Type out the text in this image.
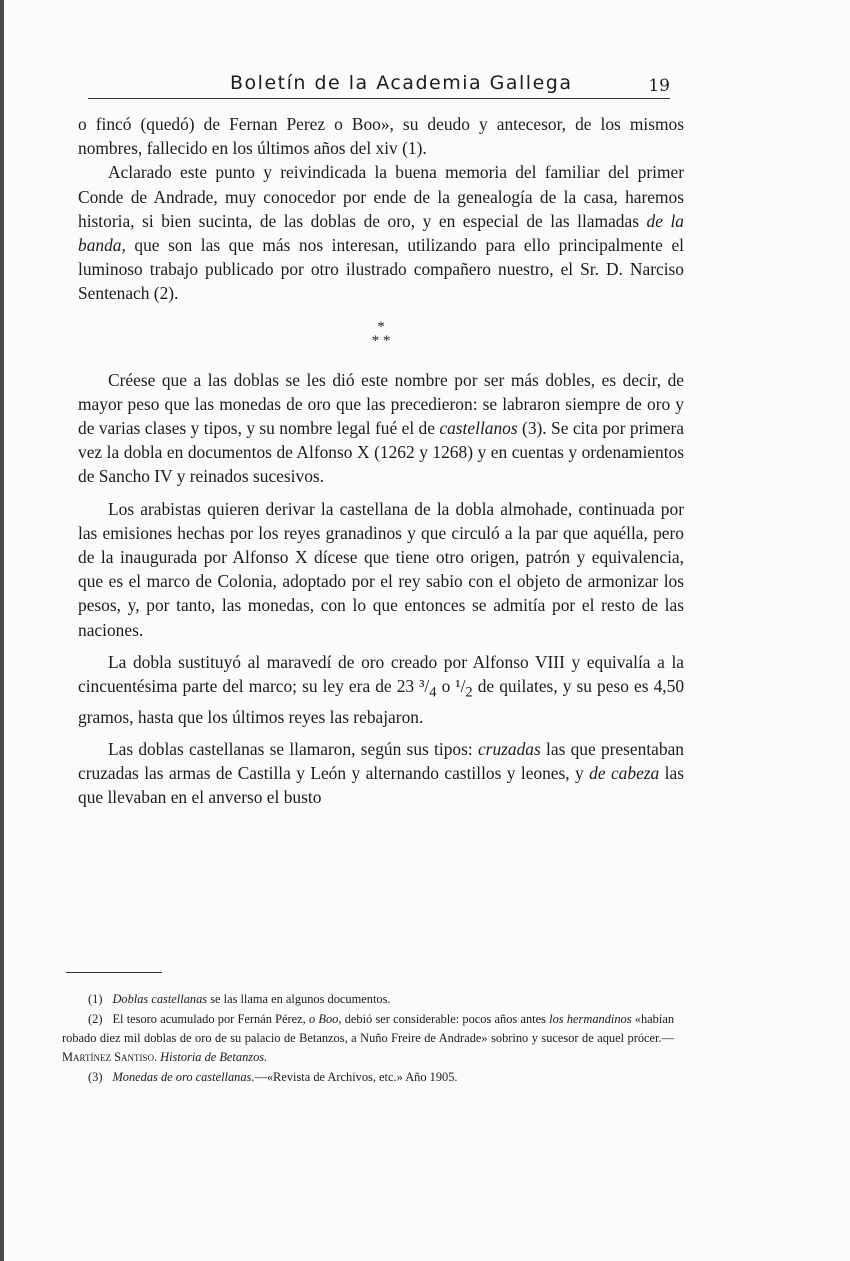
Boletín de la Academia Gallega	19

o fincó (quedó) de Fernan Perez o Boo», su deudo y antecesor, de los mismos nombres, fallecido en los últimos años del xiv (1).

Aclarado este punto y reivindicada la buena memoria del familiar del primer Conde de Andrade, muy conocedor por ende de la genealogía de la casa, haremos historia, si bien sucinta, de las doblas de oro, y en especial de las llamadas de la banda, que son las que más nos interesan, utilizando para ello principalmente el luminoso trabajo publicado por otro ilustrado compañero nuestro, el Sr. D. Narciso Sentenach (2).

*
* *

Créese que a las doblas se les dió este nombre por ser más dobles, es decir, de mayor peso que las monedas de oro que las precedieron: se labraron siempre de oro y de varias clases y tipos, y su nombre legal fué el de castellanos (3). Se cita por primera vez la dobla en documentos de Alfonso X (1262 y 1268) y en cuentas y ordenamientos de Sancho IV y reinados sucesivos.

Los arabistas quieren derivar la castellana de la dobla almohade, continuada por las emisiones hechas por los reyes granadinos y que circuló a la par que aquélla, pero de la inaugurada por Alfonso X dícese que tiene otro origen, patrón y equivalencia, que es el marco de Colonia, adoptado por el rey sabio con el objeto de armonizar los pesos, y, por tanto, las monedas, con lo que entonces se admitía por el resto de las naciones.

La dobla sustituyó al maravedí de oro creado por Alfonso VIII y equivalía a la cincuentésima parte del marco; su ley era de 23 $^3/_4$ o $^1/_2$ de quilates, y su peso es 4,50 gramos, hasta que los últimos reyes las rebajaron.

Las doblas castellanas se llamaron, según sus tipos: cruzadas las que presentaban cruzadas las armas de Castilla y León y alternando castillos y leones, y de cabeza las que llevaban en el anverso el busto

(1) Doblas castellanas se las llama en algunos documentos.

(2) El tesoro acumulado por Fernán Pérez, o Boo, debió ser considerable: pocos años antes los hermandinos «habían robado diez mil doblas de oro de su palacio de Betanzos, a Nuño Freire de Andrade» sobrino y sucesor de aquel prócer.—Martínez Santiso. Historia de Betanzos.

(3) Monedas de oro castellanas.—«Revista de Archivos, etc.» Año 1905.
